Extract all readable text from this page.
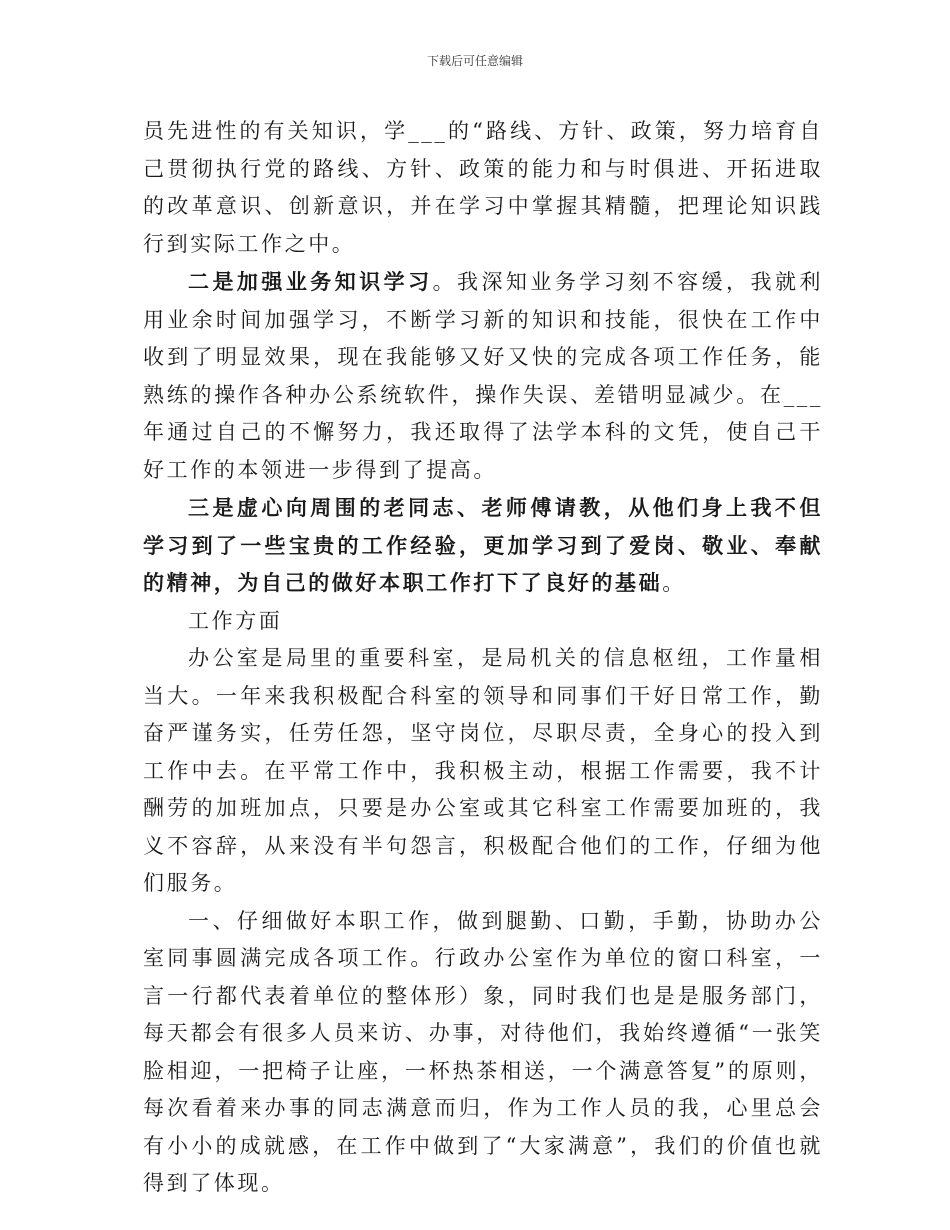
下载后可任意编辑

员先进性的有关知识，学___的“路线、方针、政策，努力培育自己贯彻执行党的路线、方针、政策的能力和与时俱进、开拓进取的改革意识、创新意识，并在学习中掌握其精髓，把理论知识践行到实际工作之中。

二是加强业务知识学习。我深知业务学习刻不容缓，我就利用业余时间加强学习，不断学习新的知识和技能，很快在工作中收到了明显效果，现在我能够又好又快的完成各项工作任务，能熟练的操作各种办公系统软件，操作失误、差错明显减少。在___年通过自己的不懈努力，我还取得了法学本科的文凭，使自己干好工作的本领进一步得到了提高。

三是虚心向周围的老同志、老师傅请教，从他们身上我不但学习到了一些宝贵的工作经验，更加学习到了爱岗、敬业、奉献的精神，为自己的做好本职工作打下了良好的基础。

工作方面

办公室是局里的重要科室，是局机关的信息枢纽，工作量相当大。一年来我积极配合科室的领导和同事们干好日常工作，勤奋严谨务实，任劳任怨，坚守岗位，尽职尽责，全身心的投入到工作中去。在平常工作中，我积极主动，根据工作需要，我不计酬劳的加班加点，只要是办公室或其它科室工作需要加班的，我义不容辞，从来没有半句怨言，积极配合他们的工作，仔细为他们服务。

一、仔细做好本职工作，做到腿勤、口勤，手勤，协助办公室同事圆满完成各项工作。行政办公室作为单位的窗口科室，一言一行都代表着单位的整体形）象，同时我们也是是服务部门，每天都会有很多人员来访、办事，对待他们，我始终遵循“一张笑脸相迎，一把椅子让座，一杯热茶相送，一个满意答复”的原则，每次看着来办事的同志满意而归，作为工作人员的我，心里总会有小小的成就感，在工作中做到了“大家满意”，我们的价值也就得到了体现。
